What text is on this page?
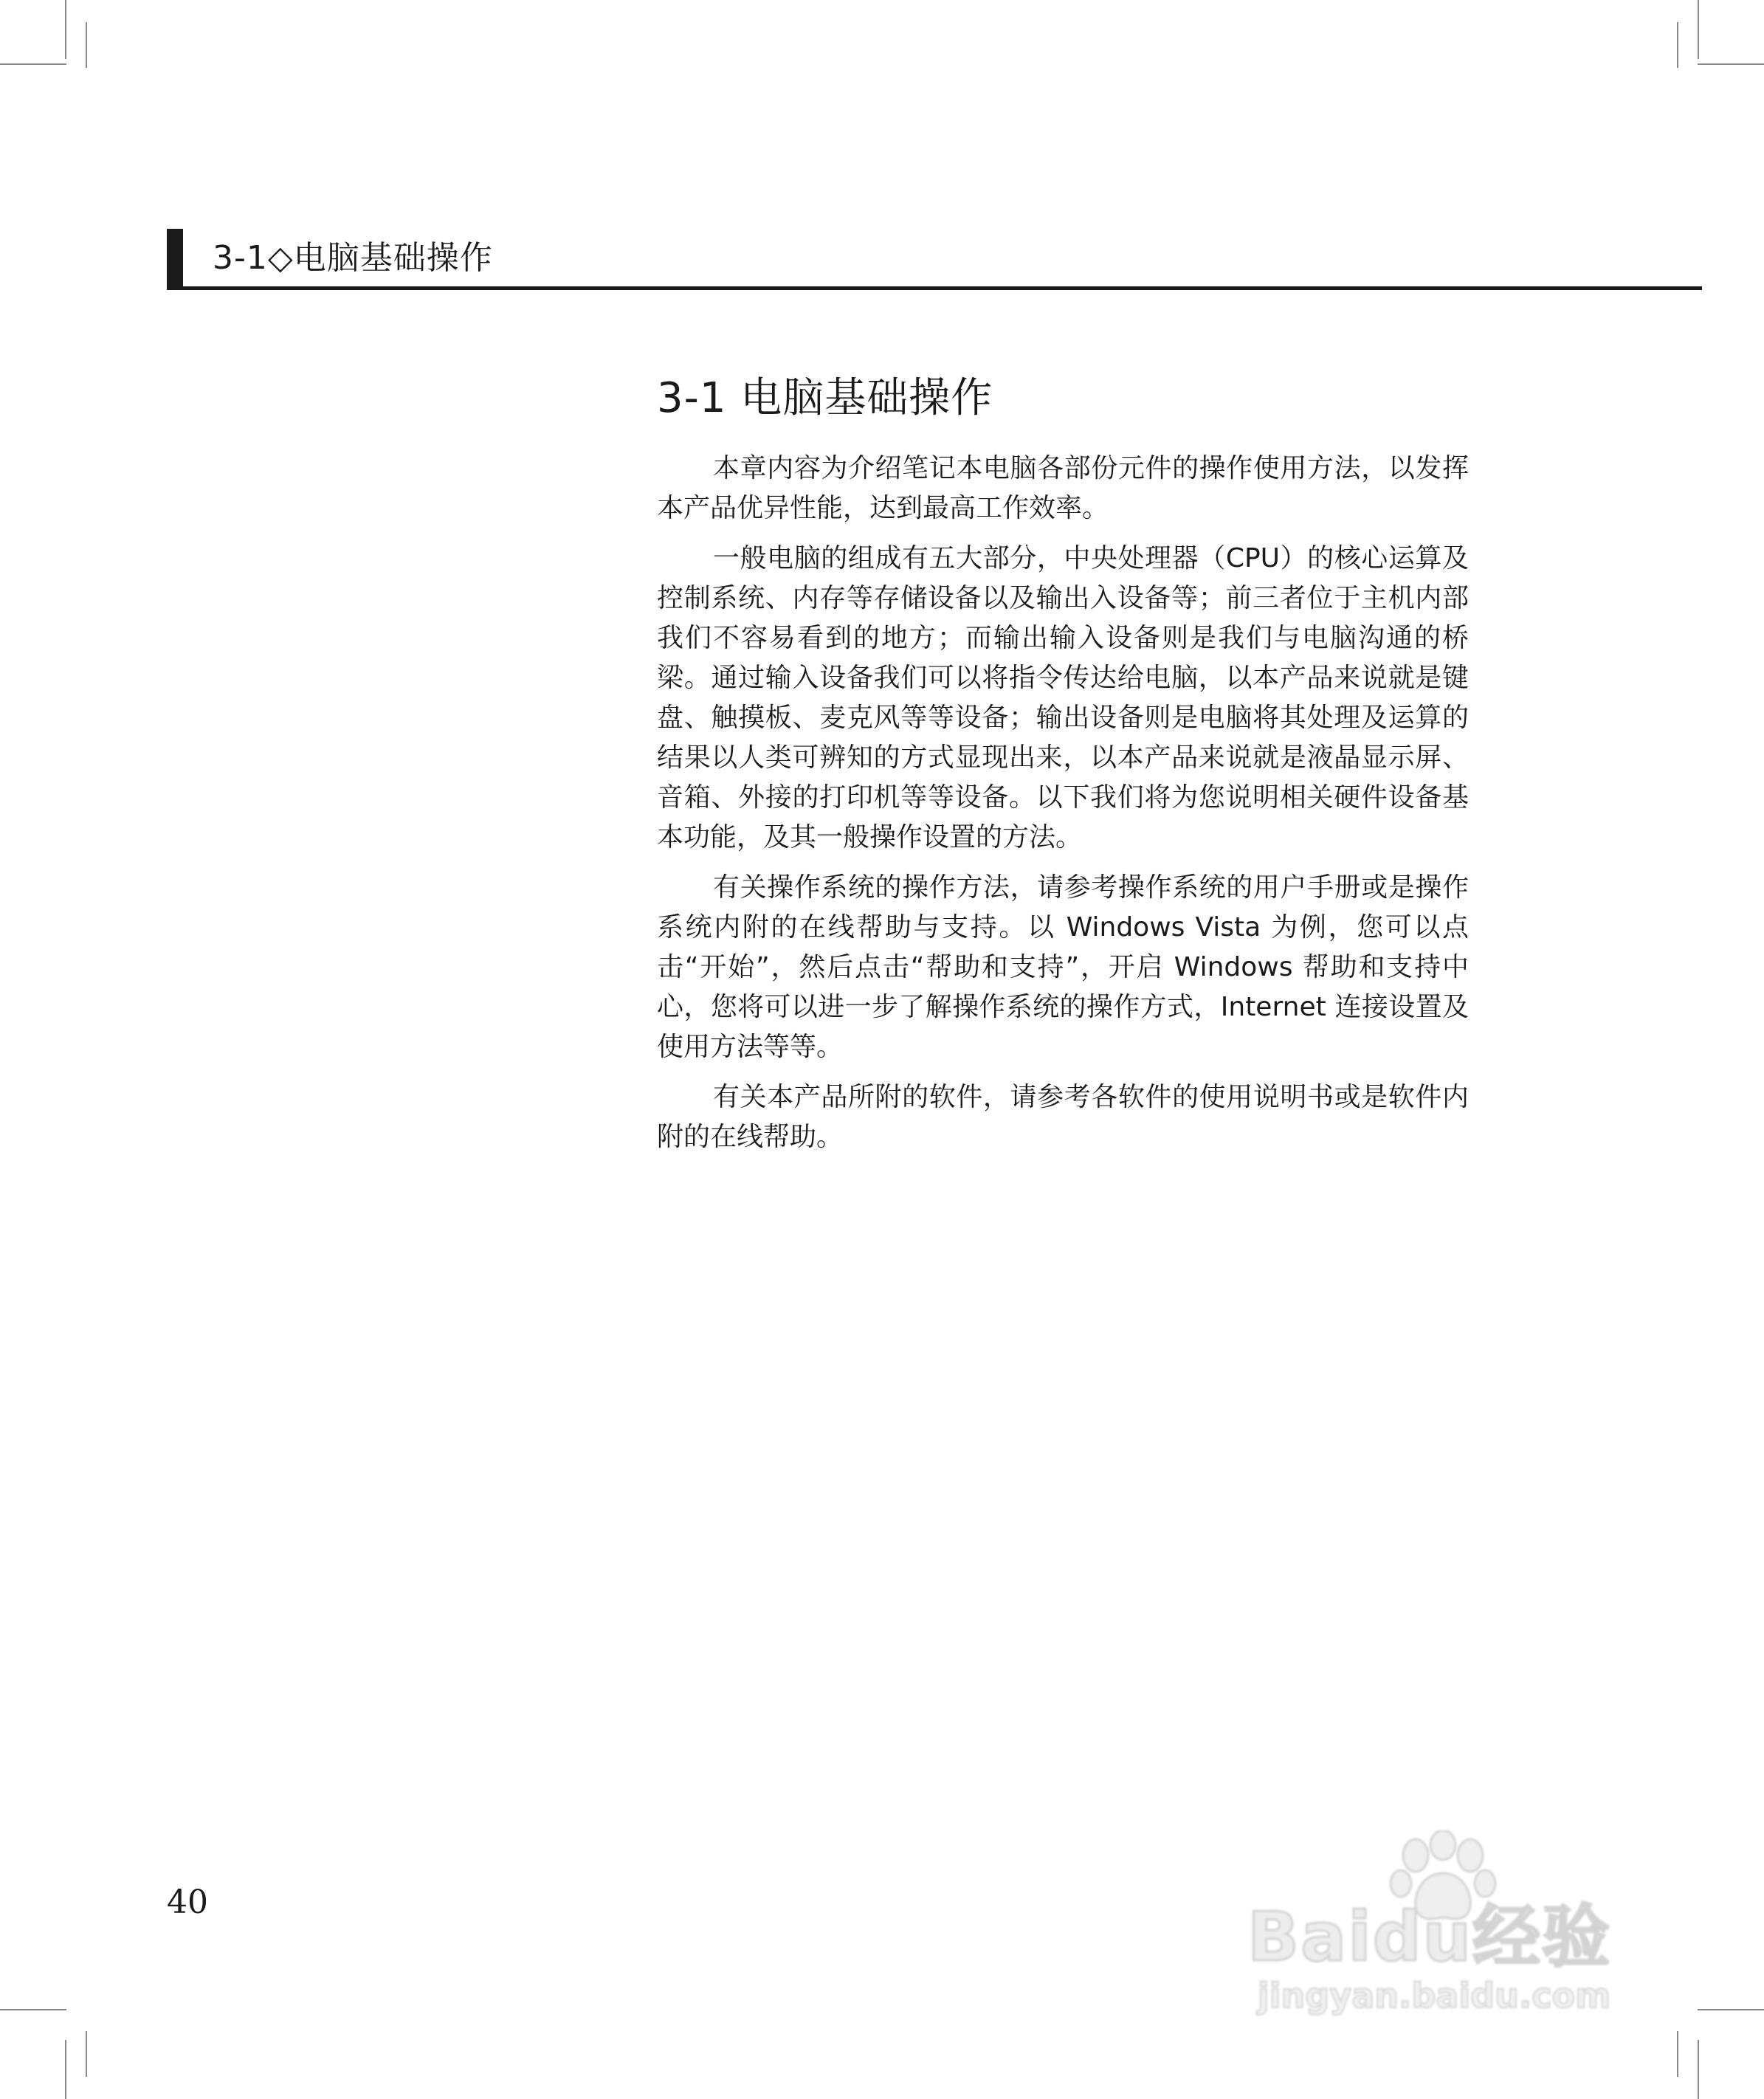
3-1◇电脑基础操作
3-1 电脑基础操作

本章内容为介绍笔记本电脑各部份元件的操作使用方法，以发挥本产品优异性能，达到最高工作效率。

一般电脑的组成有五大部分，中央处理器（CPU）的核心运算及控制系统、内存等存储设备以及输出入设备等；前三者位于主机内部我们不容易看到的地方；而输出输入设备则是我们与电脑沟通的桥梁。通过输入设备我们可以将指令传达给电脑，以本产品来说就是键盘、触摸板、麦克风等等设备；输出设备则是电脑将其处理及运算的结果以人类可辨知的方式显现出来，以本产品来说就是液晶显示屏、音箱、外接的打印机等等设备。以下我们将为您说明相关硬件设备基本功能，及其一般操作设置的方法。

有关操作系统的操作方法，请参考操作系统的用户手册或是操作系统内附的在线帮助与支持。以 Windows Vista 为例，您可以点击“开始”，然后点击“帮助和支持”，开启 Windows 帮助和支持中心，您将可以进一步了解操作系统的操作方式，Internet 连接设置及使用方法等等。

有关本产品所附的软件，请参考各软件的使用说明书或是软件内附的在线帮助。

40	Baidu经验
jingyan.baidu.com
